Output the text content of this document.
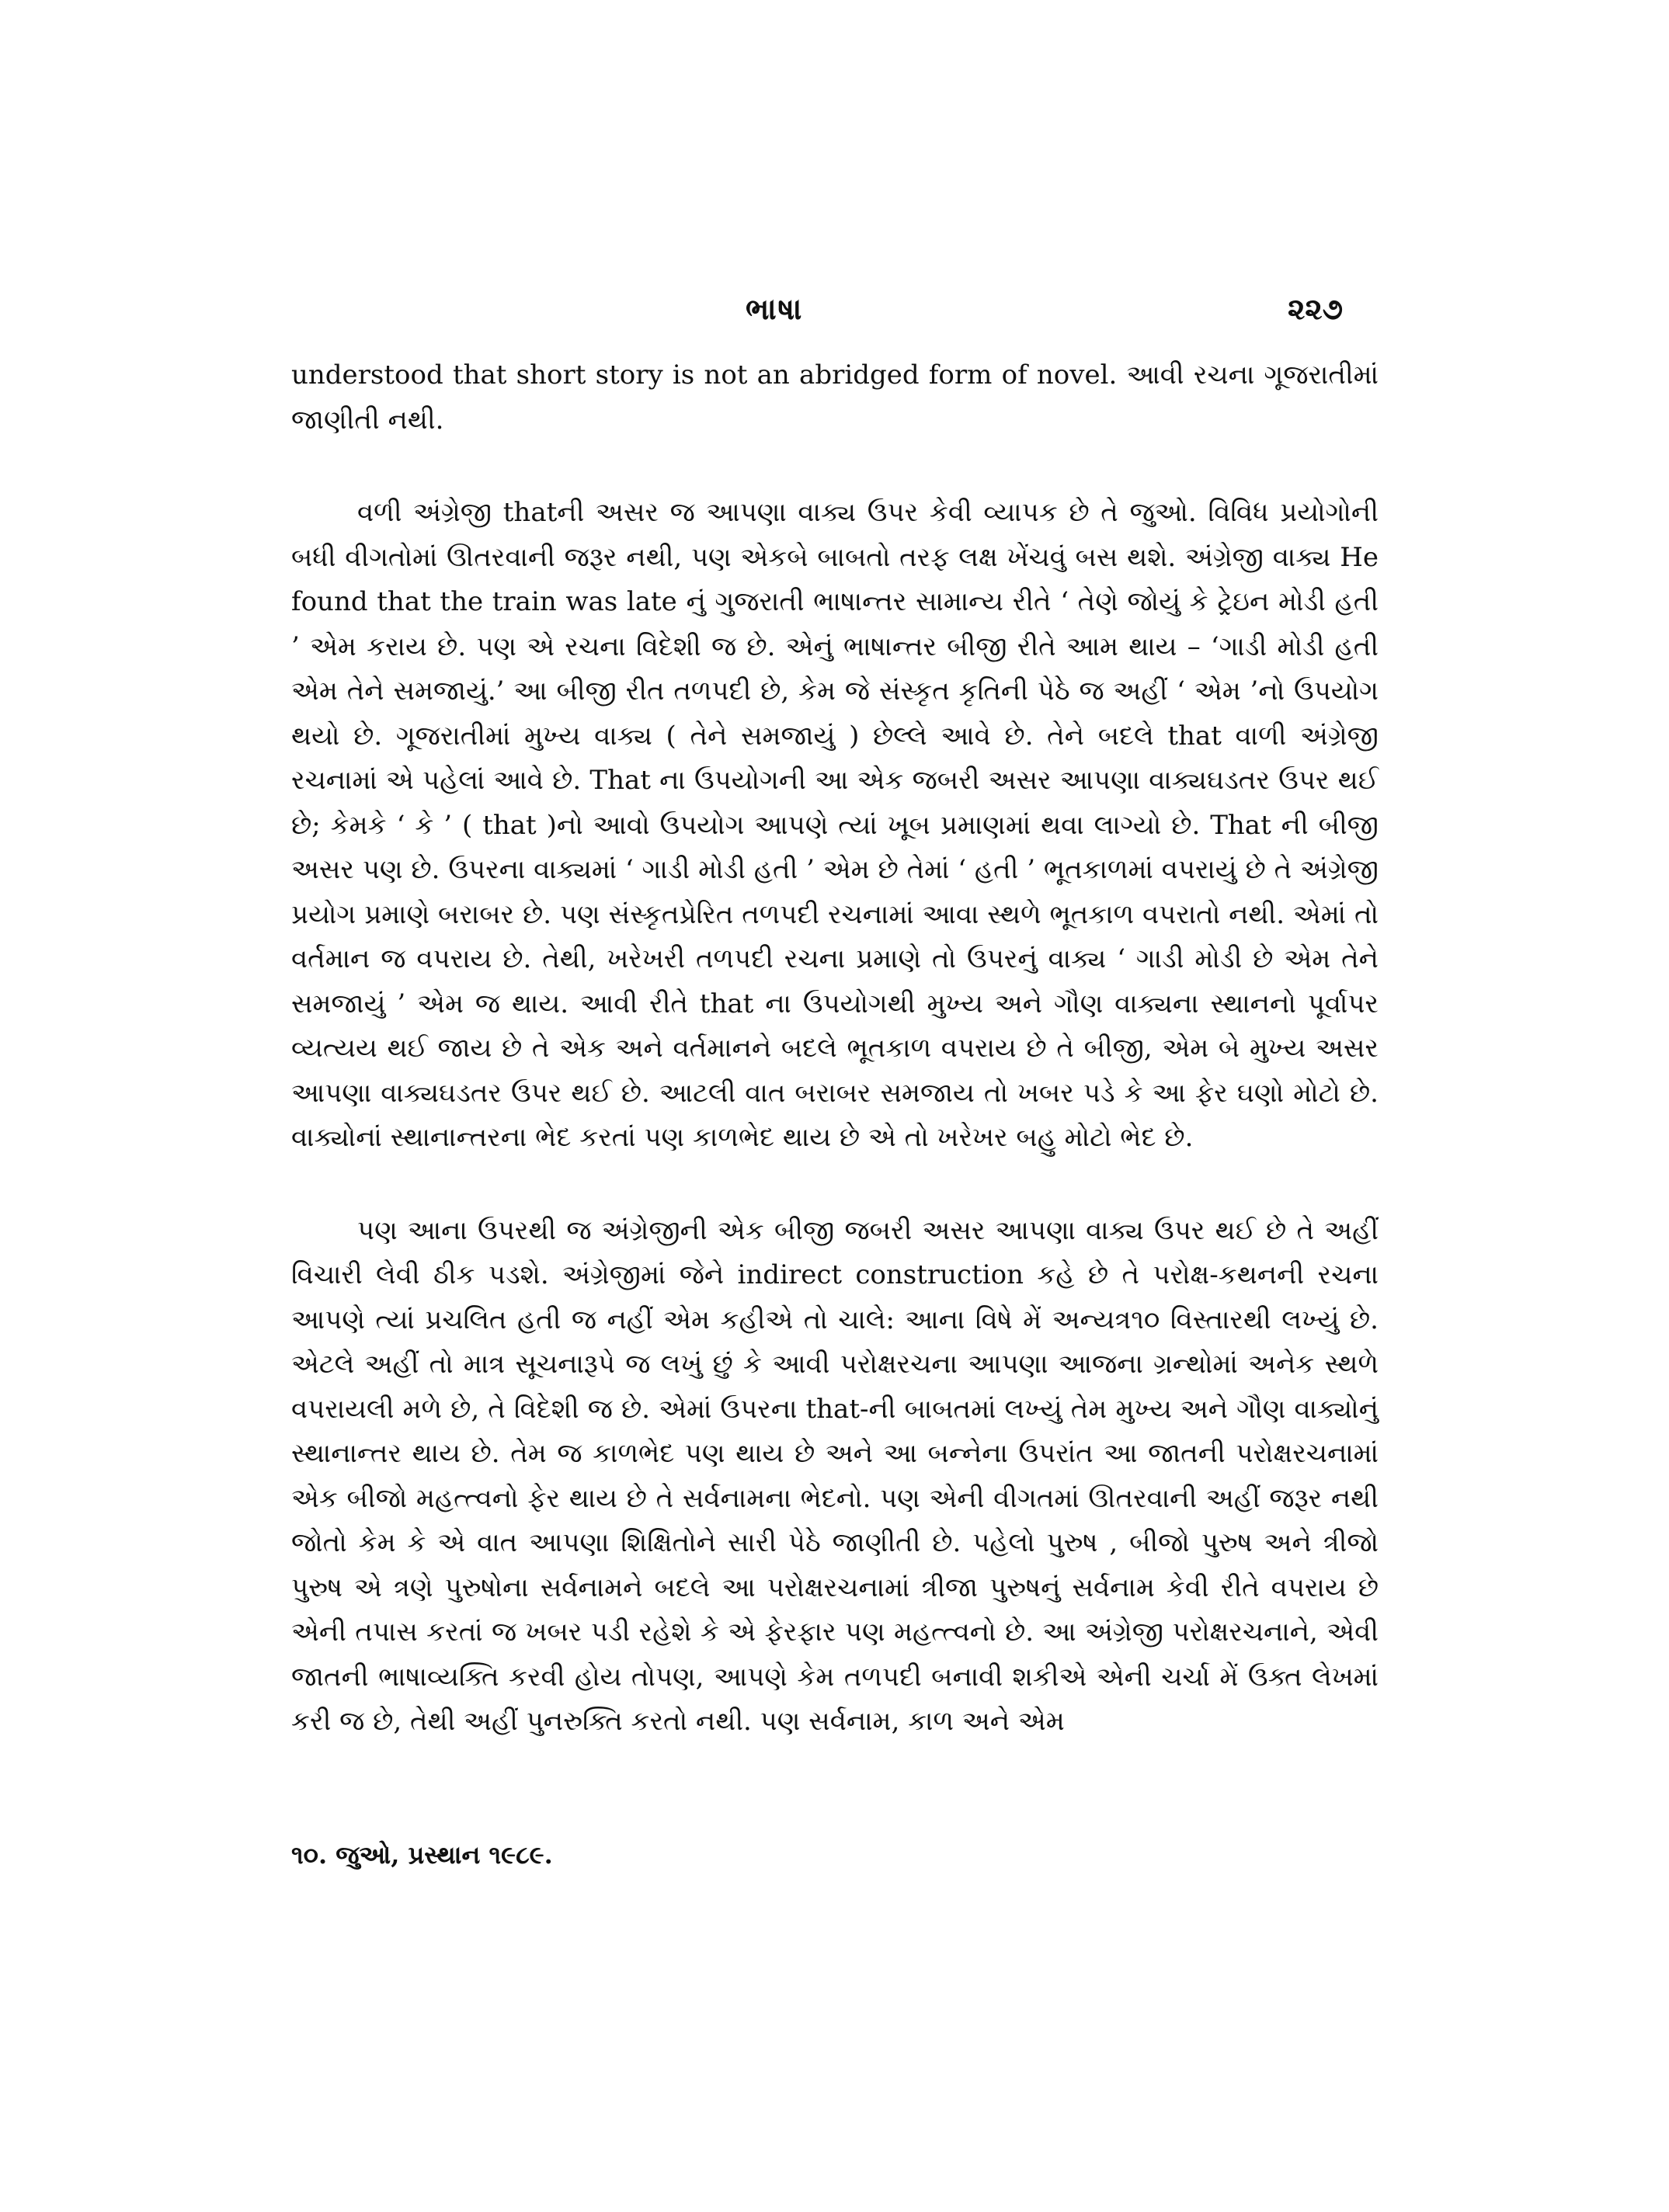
ભાષા	૨૨૭

understood that short story is not an abridged form of novel. આવી રચના ગૂજરાતીમાં જાણીતી નથી.

વળી અંગ્રેજી thatની અસર જ આપણા વાક્ય ઉપર કેવી વ્યાપક છે તે જુઓ. વિવિધ પ્રયોગોની બધી વીગતોમાં ઊતરવાની જરૂર નથી, પણ એકબે બાબતો તરફ લક્ષ ખેંચવું બસ થશે. અંગ્રેજી વાક્ય He found that the train was late નું ગુજરાતી ભાષાન્તર સામાન્ય રીતે ‘ તેણે જોયું કે ટ્રેઇન મોડી હતી ’ એમ કરાય છે. પણ એ રચના વિદેશી જ છે. એનું ભાષાન્તર બીજી રીતે આમ થાય – ‘ગાડી મોડી હતી એમ તેને સમજાયું.’ આ બીજી રીત તળપદી છે, કેમ જે સંસ્કૃત કૃતિની પેઠે જ અહીં ‘ એમ ’નો ઉપયોગ થયો છે. ગૂજરાતીમાં મુખ્ય વાક્ય ( તેને સમજાયું ) છેલ્લે આવે છે. તેને બદલે that વાળી અંગ્રેજી રચનામાં એ પહેલાં આવે છે. That ના ઉપયોગની આ એક જબરી અસર આપણા વાક્યઘડતર ઉપર થઈ છે; કેમકે ‘ કે ’ ( that )નો આવો ઉપયોગ આપણે ત્યાં ખૂબ પ્રમાણમાં થવા લાગ્યો છે. That ની બીજી અસર પણ છે. ઉપરના વાક્યમાં ‘ ગાડી મોડી હતી ’ એમ છે તેમાં ‘ હતી ’ ભૂતકાળમાં વપરાયું છે તે અંગ્રેજી પ્રયોગ પ્રમાણે બરાબર છે. પણ સંસ્કૃતપ્રેરિત તળપદી રચનામાં આવા સ્થળે ભૂતકાળ વપરાતો નથી. એમાં તો વર્તમાન જ વપરાય છે. તેથી, ખરેખરી તળપદી રચના પ્રમાણે તો ઉપરનું વાક્ય ‘ ગાડી મોડી છે એમ તેને સમજાયું ’ એમ જ થાય. આવી રીતે that ના ઉપયોગથી મુખ્ય અને ગૌણ વાક્યના સ્થાનનો પૂર્વાપર વ્યત્યય થઈ જાય છે તે એક અને વર્તમાનને બદલે ભૂતકાળ વપરાય છે તે બીજી, એમ બે મુખ્ય અસર આપણા વાક્યઘડતર ઉપર થઈ છે. આટલી વાત બરાબર સમજાય તો ખબર પડે કે આ ફેર ઘણો મોટો છે. વાક્યોનાં સ્થાનાન્તરના ભેદ કરતાં પણ કાળભેદ થાય છે એ તો ખરેખર બહુ મોટો ભેદ છે.

પણ આના ઉપરથી જ અંગ્રેજીની એક બીજી જબરી અસર આપણા વાક્ય ઉપર થઈ છે તે અહીં વિચારી લેવી ઠીક પડશે. અંગ્રેજીમાં જેને indirect construction કહે છે તે પરોક્ષ-કથનની રચના આપણે ત્યાં પ્રચલિત હતી જ નહીં એમ કહીએ તો ચાલે: આના વિષે મેં અન્યત્ર૧૦ વિસ્તારથી લખ્યું છે. એટલે અહીં તો માત્ર સૂચનારૂપે જ લખું છું કે આવી પરોક્ષરચના આપણા આજના ગ્રન્થોમાં અનેક સ્થળે વપરાયલી મળે છે, તે વિદેશી જ છે. એમાં ઉપરના that-ની બાબતમાં લખ્યું તેમ મુખ્ય અને ગૌણ વાક્યોનું સ્થાનાન્તર થાય છે. તેમ જ કાળભેદ પણ થાય છે અને આ બન્નેના ઉપરાંત આ જાતની પરોક્ષરચનામાં એક બીજો મહત્ત્વનો ફેર થાય છે તે સર્વનામના ભેદનો. પણ એની વીગતમાં ઊતરવાની અહીં જરૂર નથી જોતો કેમ કે એ વાત આપણા શિક્ષિતોને સારી પેઠે જાણીતી છે. પહેલો પુરુષ , બીજો પુરુષ અને ત્રીજો પુરુષ એ ત્રણે પુરુષોના સર્વનામને બદલે આ પરોક્ષરચનામાં ત્રીજા પુરુષનું સર્વનામ કેવી રીતે વપરાય છે એની તપાસ કરતાં જ ખબર પડી રહેશે કે એ ફેરફાર પણ મહત્ત્વનો છે. આ અંગ્રેજી પરોક્ષરચનાને, એવી જાતની ભાષાવ્યક્તિ કરવી હોય તોપણ, આપણે કેમ તળપદી બનાવી શકીએ એની ચર્ચા મેં ઉક્ત લેખમાં કરી જ છે, તેથી અહીં પુનરુક્તિ કરતો નથી. પણ સર્વનામ, કાળ અને એમ

૧૦. જુઓ, પ્રસ્થાન ૧૯૮૯.
